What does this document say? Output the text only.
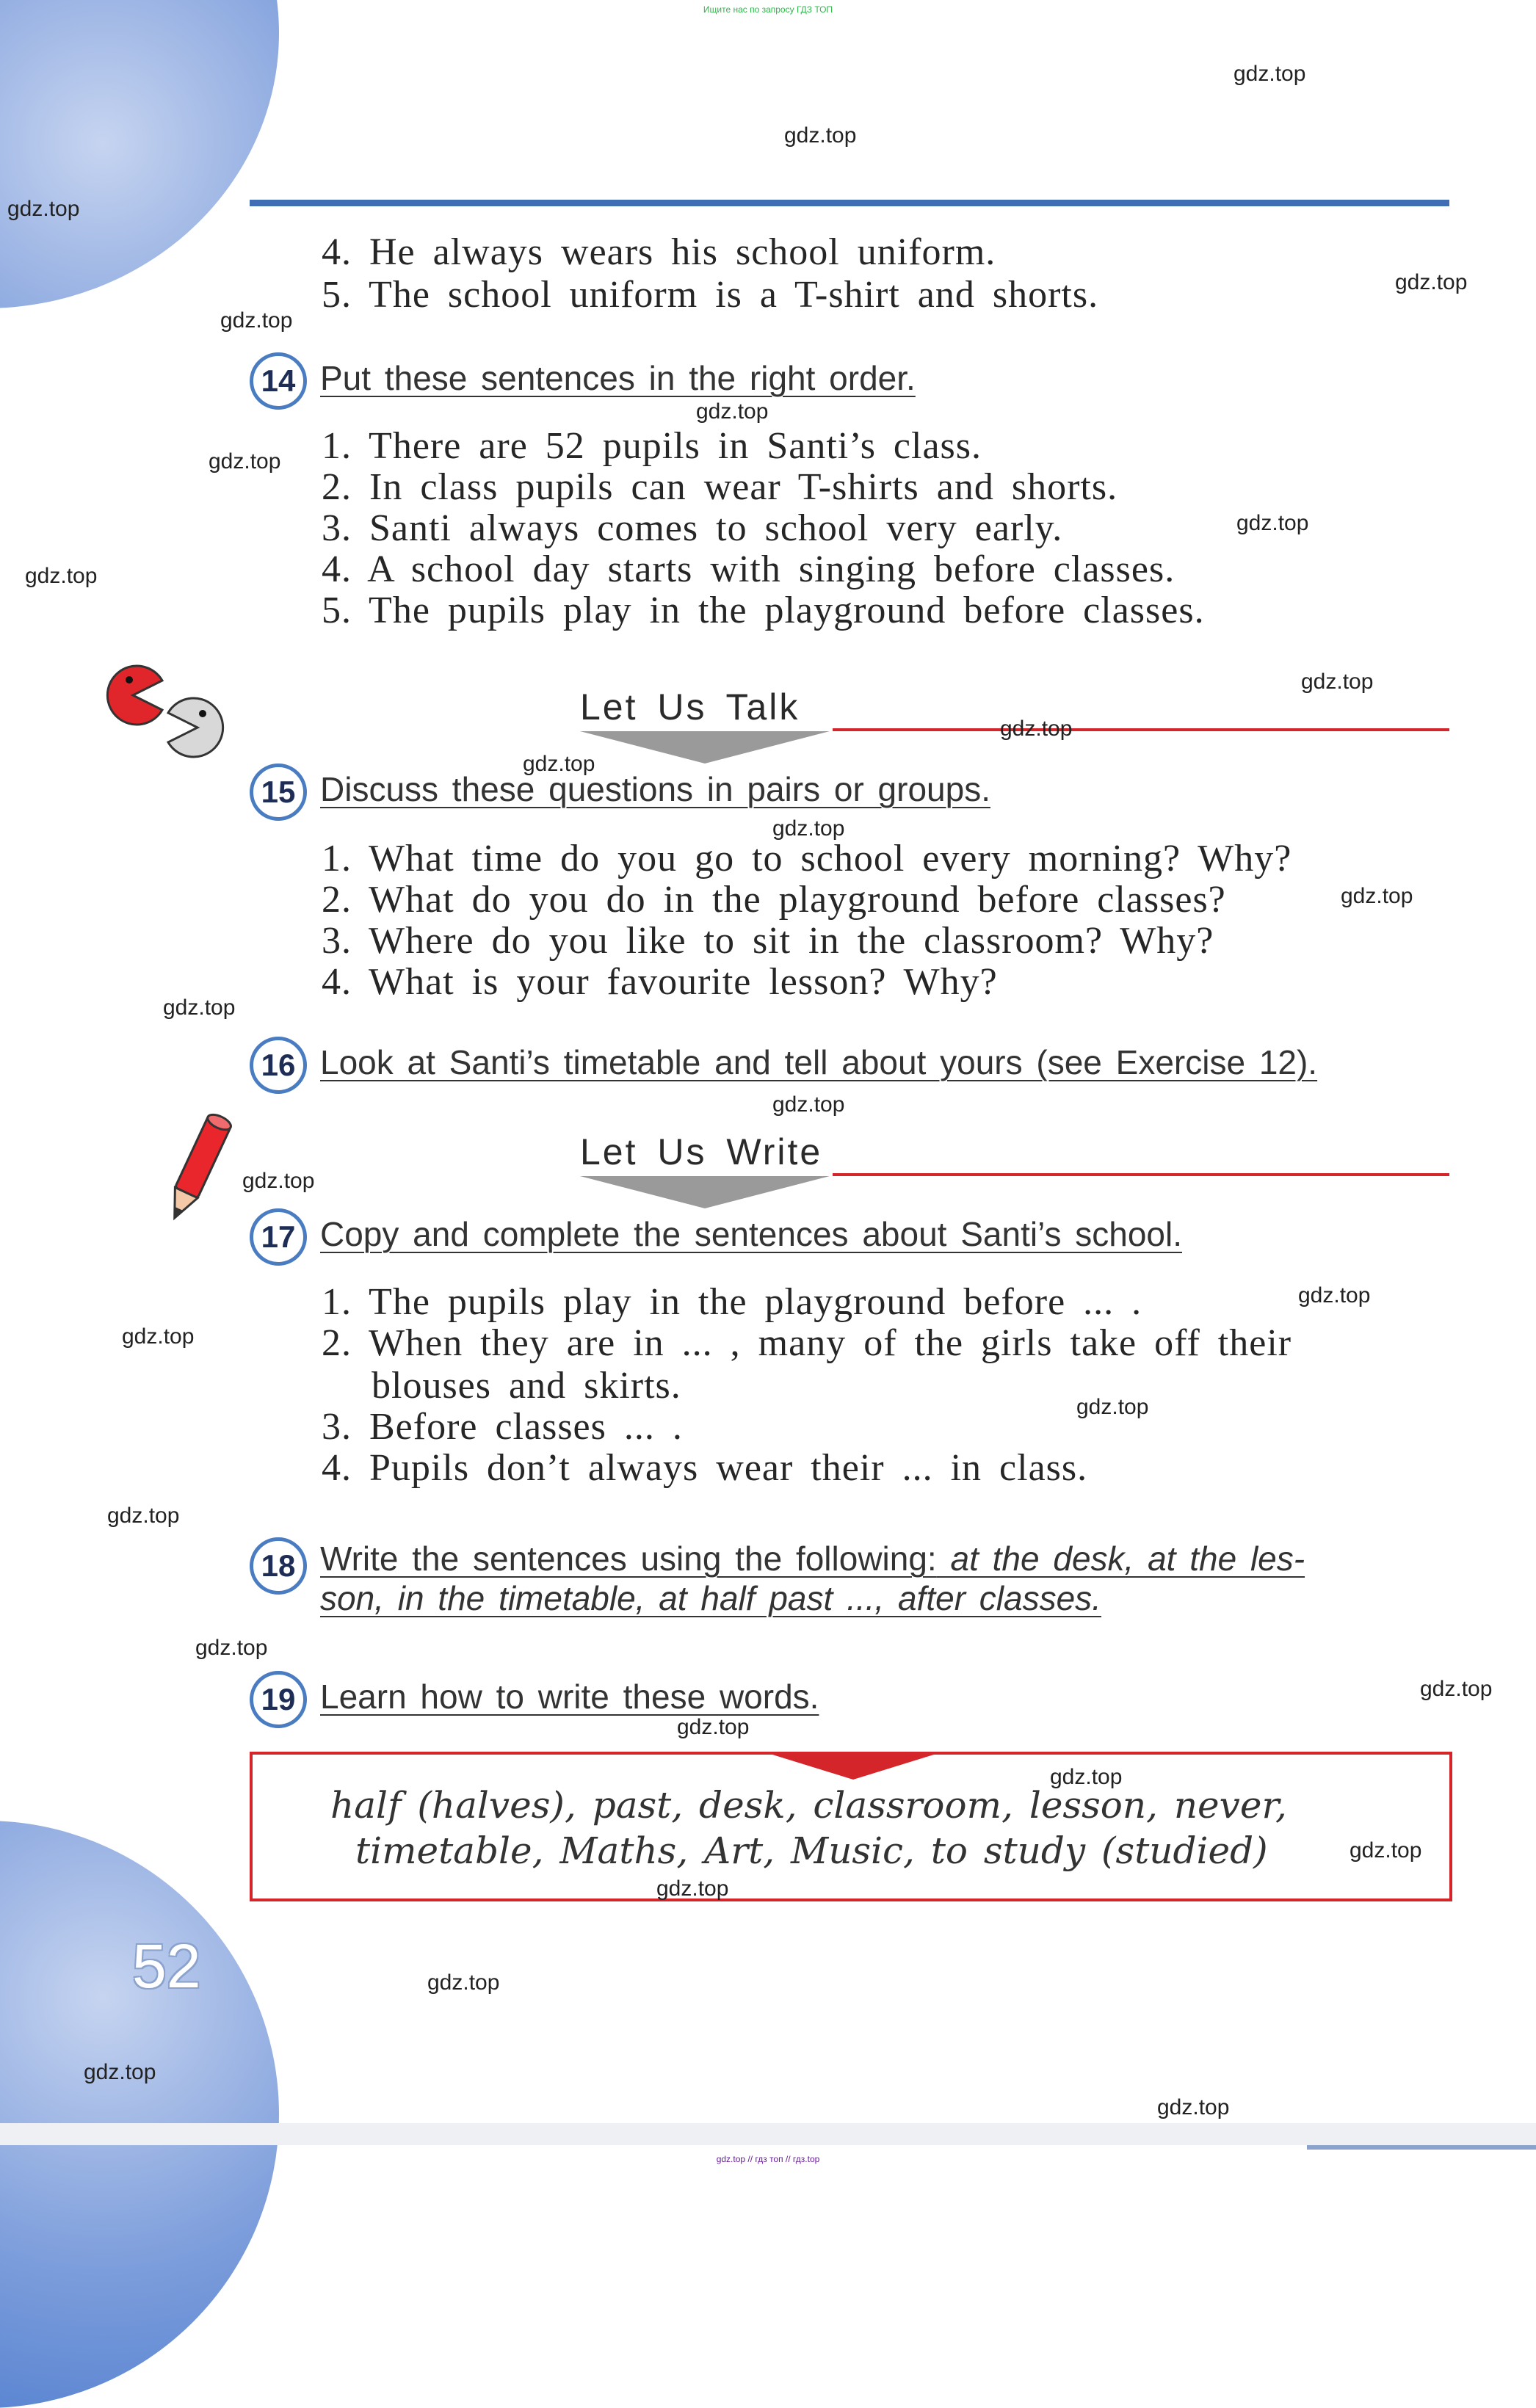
Ищите нас по запросу ГДЗ ТОП
gdz.top // гдз топ // гдз.top
4. He always wears his school uniform.
5. The school uniform is a T-shirt and shorts.
14 Put these sentences in the right order.
1. There are 52 pupils in Santi’s class.
2. In class pupils can wear T-shirts and shorts.
3. Santi always comes to school very early.
4. A school day starts with singing before classes.
5. The pupils play in the playground before classes.
Let Us Talk
15 Discuss these questions in pairs or groups.
1. What time do you go to school every morning? Why?
2. What do you do in the playground before classes?
3. Where do you like to sit in the classroom? Why?
4. What is your favourite lesson? Why?
16 Look at Santi’s timetable and tell about yours (see Exercise 12).
Let Us Write
17 Copy and complete the sentences about Santi’s school.
1. The pupils play in the playground before ... .
2. When they are in ... , many of the girls take off their
blouses and skirts.
3. Before classes ... .
4. Pupils don’t always wear their ... in class.
18 Write the sentences using the following: at the desk, at the les-
son, in the timetable, at half past ..., after classes.
19 Learn how to write these words.
half (halves), past, desk, classroom, lesson, never,
timetable, Maths, Art, Music, to study (studied)
52
gdz.top
gdz.top
gdz.top
gdz.top
gdz.top
gdz.top
gdz.top
gdz.top
gdz.top
gdz.top
gdz.top
gdz.top
gdz.top
gdz.top
gdz.top
gdz.top
gdz.top
gdz.top
gdz.top
gdz.top
gdz.top
gdz.top
gdz.top
gdz.top
gdz.top
gdz.top
gdz.top
gdz.top
gdz.top
gdz.top
